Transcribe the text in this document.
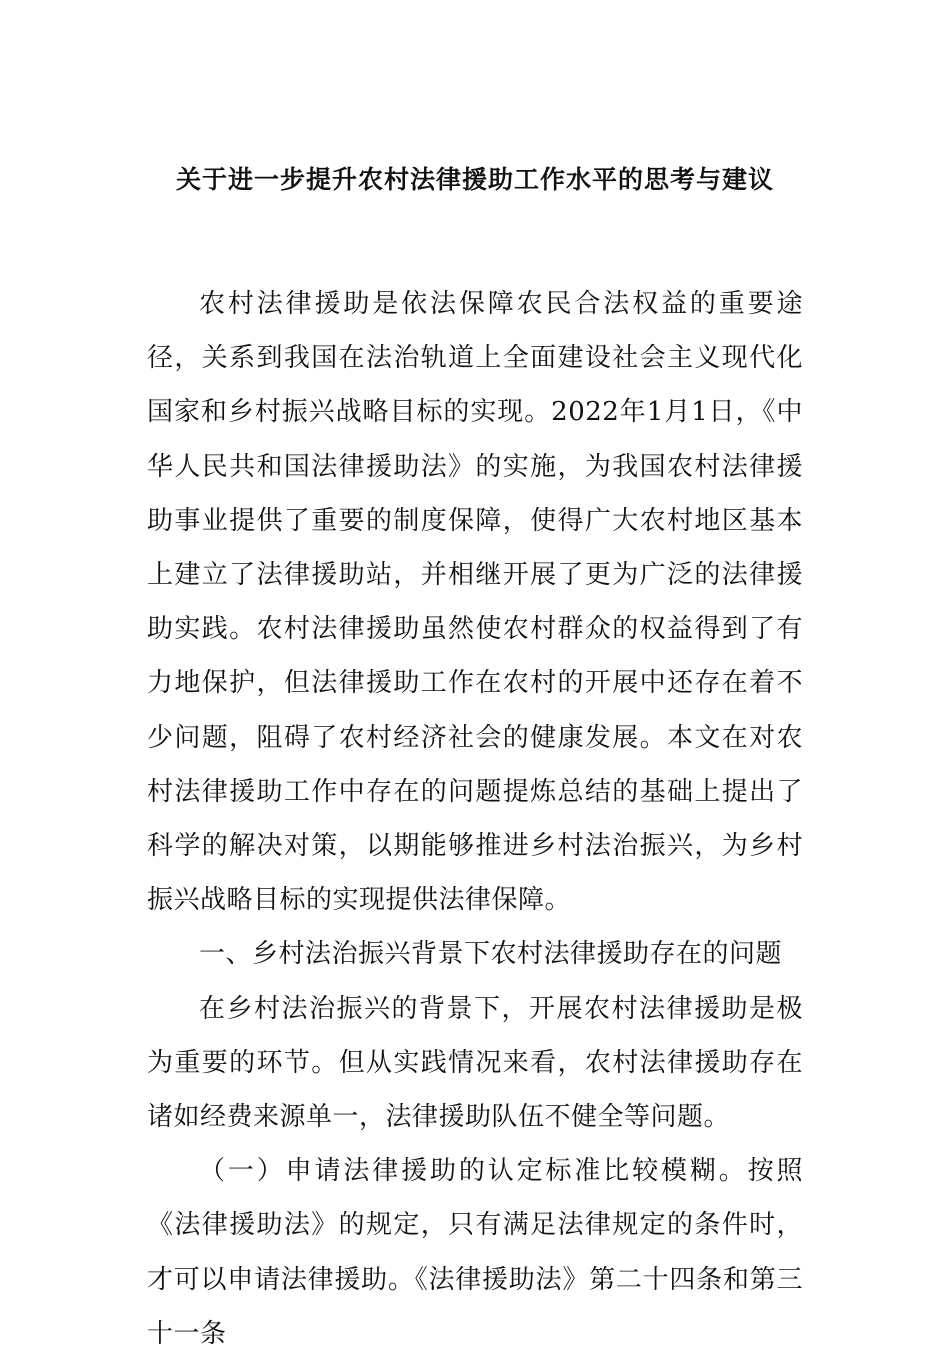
关于进一步提升农村法律援助工作水平的思考与建议

农村法律援助是依法保障农民合法权益的重要途径，关系到我国在法治轨道上全面建设社会主义现代化国家和乡村振兴战略目标的实现。2022年1月1日，《中华人民共和国法律援助法》的实施，为我国农村法律援助事业提供了重要的制度保障，使得广大农村地区基本上建立了法律援助站，并相继开展了更为广泛的法律援助实践。农村法律援助虽然使农村群众的权益得到了有力地保护，但法律援助工作在农村的开展中还存在着不少问题，阻碍了农村经济社会的健康发展。本文在对农村法律援助工作中存在的问题提炼总结的基础上提出了科学的解决对策，以期能够推进乡村法治振兴，为乡村振兴战略目标的实现提供法律保障。

一、乡村法治振兴背景下农村法律援助存在的问题

在乡村法治振兴的背景下，开展农村法律援助是极为重要的环节。但从实践情况来看，农村法律援助存在诸如经费来源单一，法律援助队伍不健全等问题。

（一）申请法律援助的认定标准比较模糊。按照《法律援助法》的规定，只有满足法律规定的条件时，才可以申请法律援助。《法律援助法》第二十四条和第三十一条
